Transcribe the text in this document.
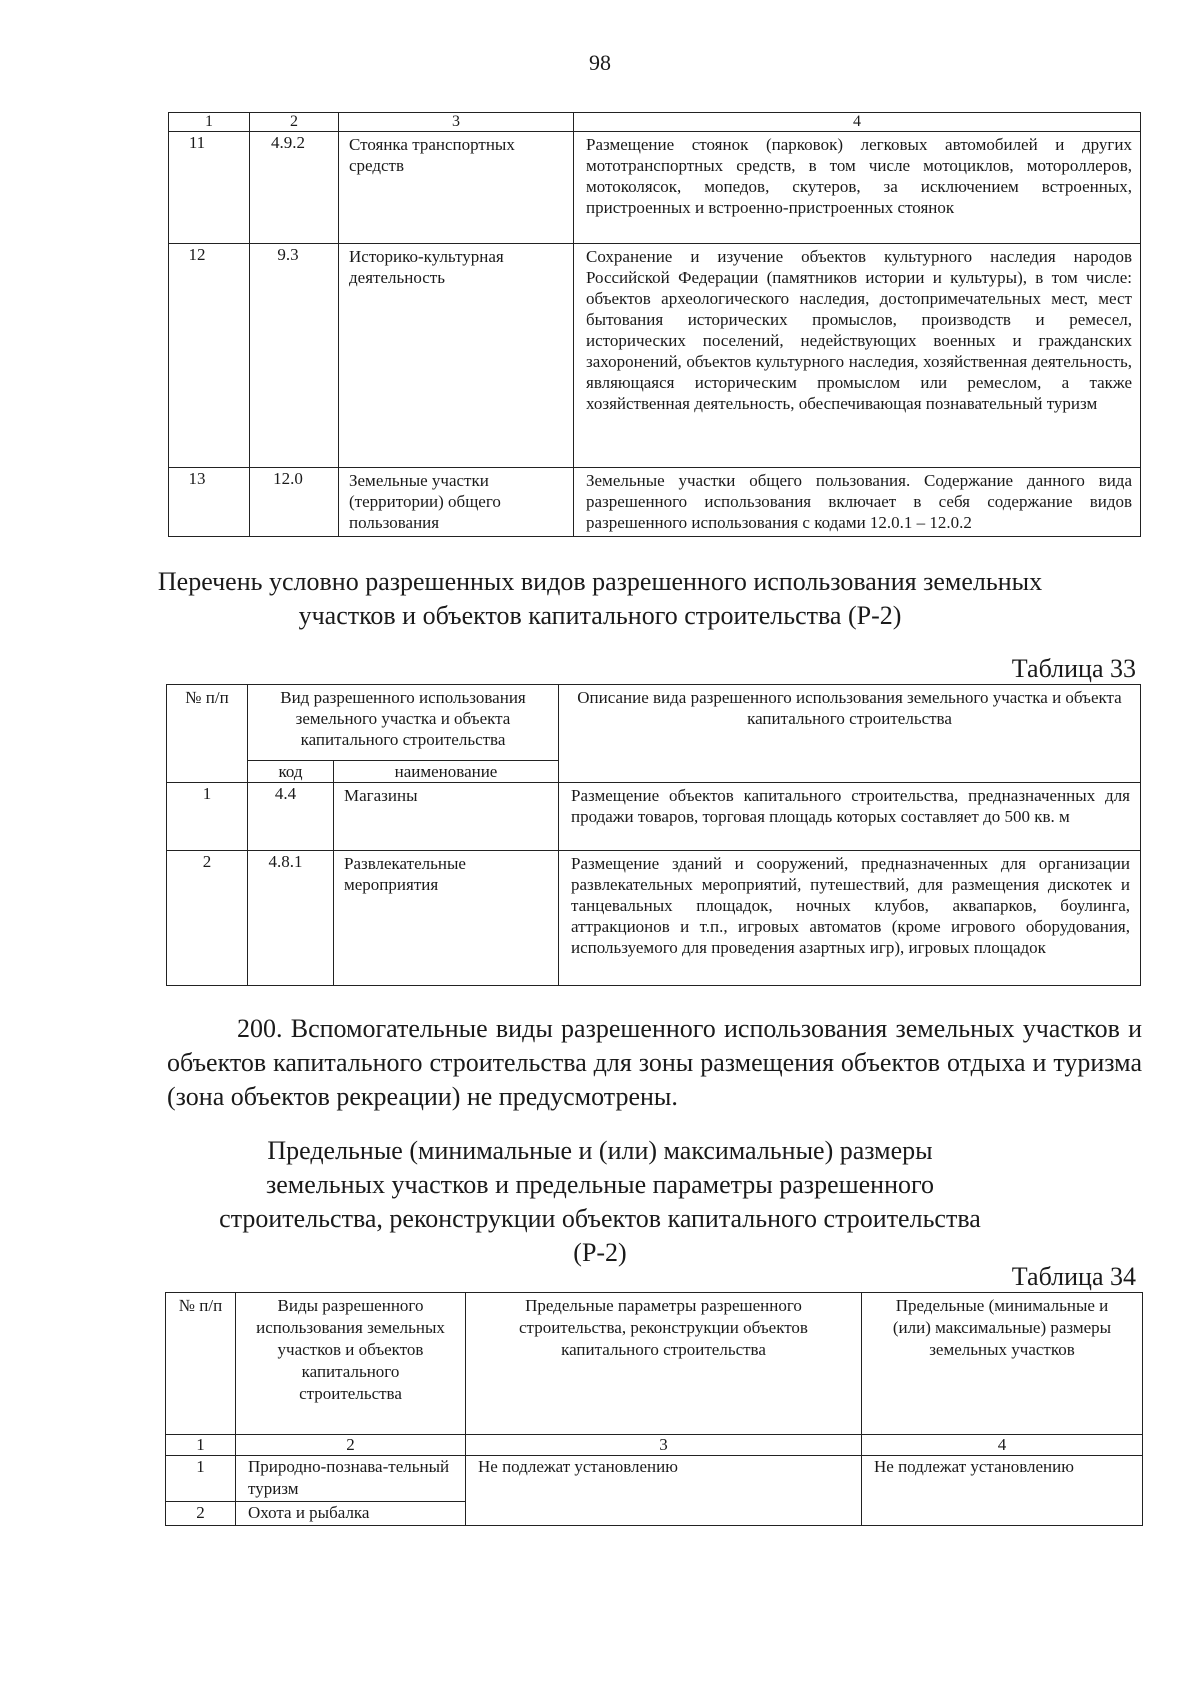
98
1	2	3	4
11	4.9.2	Стоянка транспортных средств	Размещение стоянок (парковок) легковых автомобилей и других мототранспортных средств, в том числе мотоциклов, мотороллеров, мотоколясок, мопедов, скутеров, за исключением встроенных, пристроенных и встроенно-пристроенных стоянок
12	9.3	Историко-культурная деятельность	Сохранение и изучение объектов культурного наследия народов Российской Федерации (памятников истории и культуры), в том числе: объектов археологического наследия, достопримечательных мест, мест бытования исторических промыслов, производств и ремесел, исторических поселений, недействующих военных и гражданских захоронений, объектов культурного наследия, хозяйственная деятельность, являющаяся историческим промыслом или ремеслом, а также хозяйственная деятельность, обеспечивающая познавательный туризм
13	12.0	Земельные участки (территории) общего пользования	Земельные участки общего пользования. Содержание данного вида разрешенного использования включает в себя содержание видов разрешенного использования с кодами 12.0.1 – 12.0.2
Перечень условно разрешенных видов разрешенного использования земельных участков и объектов капитального строительства (Р-2)
Таблица 33
№ п/п	Вид разрешенного использования земельного участка и объекта капитального строительства		Описание вида разрешенного использования земельного участка и объекта капитального строительства
	код	наименование	
1	4.4	Магазины	Размещение объектов капитального строительства, предназначенных для продажи товаров, торговая площадь которых составляет до 500 кв. м
2	4.8.1	Развлекательные мероприятия	Размещение зданий и сооружений, предназначенных для организации развлекательных мероприятий, путешествий, для размещения дискотек и танцевальных площадок, ночных клубов, аквапарков, боулинга, аттракционов и т.п., игровых автоматов (кроме игрового оборудования, используемого для проведения азартных игр), игровых площадок
200. Вспомогательные виды разрешенного использования земельных участков и объектов капитального строительства для зоны размещения объектов отдыха и туризма (зона объектов рекреации) не предусмотрены.
Предельные (минимальные и (или) максимальные) размеры земельных участков и предельные параметры разрешенного строительства, реконструкции объектов капитального строительства (Р-2)
Таблица 34
№ п/п	Виды разрешенного использования земельных участков и объектов капитального строительства	Предельные параметры разрешенного строительства, реконструкции объектов капитального строительства	Предельные (минимальные и (или) максимальные) размеры земельных участков
1	2	3	4
1	Природно-познава-тельный туризм	Не подлежат установлению	Не подлежат установлению
2	Охота и рыбалка		
